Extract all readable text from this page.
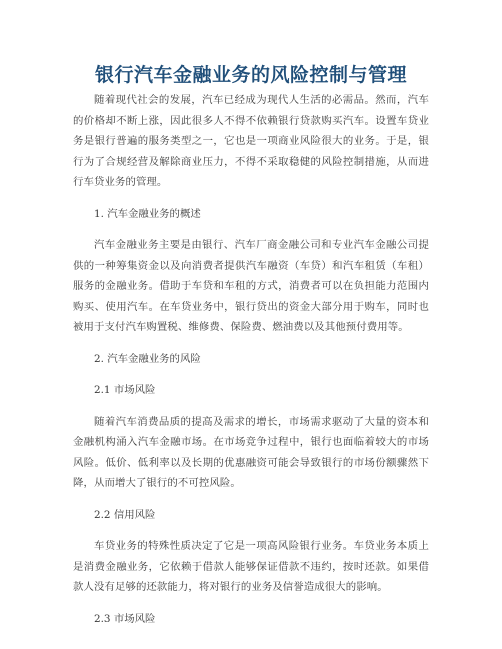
银行汽车金融业务的风险控制与管理

随着现代社会的发展，汽车已经成为现代人生活的必需品。然而，汽车的价格却不断上涨，因此很多人不得不依赖银行贷款购买汽车。设置车贷业务是银行普遍的服务类型之一，它也是一项商业风险很大的业务。于是，银行为了合规经营及解除商业压力，不得不采取稳健的风险控制措施，从而进行车贷业务的管理。

1. 汽车金融业务的概述

汽车金融业务主要是由银行、汽车厂商金融公司和专业汽车金融公司提供的一种筹集资金以及向消费者提供汽车融资（车贷）和汽车租赁（车租）服务的金融业务。借助于车贷和车租的方式，消费者可以在负担能力范围内购买、使用汽车。在车贷业务中，银行贷出的资金大部分用于购车，同时也被用于支付汽车购置税、维修费、保险费、燃油费以及其他预付费用等。

2. 汽车金融业务的风险

2.1 市场风险

随着汽车消费品质的提高及需求的增长，市场需求驱动了大量的资本和金融机构涌入汽车金融市场。在市场竞争过程中，银行也面临着较大的市场风险。低价、低利率以及长期的优惠融资可能会导致银行的市场份额骤然下降，从而增大了银行的不可控风险。

2.2 信用风险

车贷业务的特殊性质决定了它是一项高风险银行业务。车贷业务本质上是消费金融业务，它依赖于借款人能够保证借款不违约，按时还款。如果借款人没有足够的还款能力，将对银行的业务及信誉造成很大的影响。

2.3 市场风险
